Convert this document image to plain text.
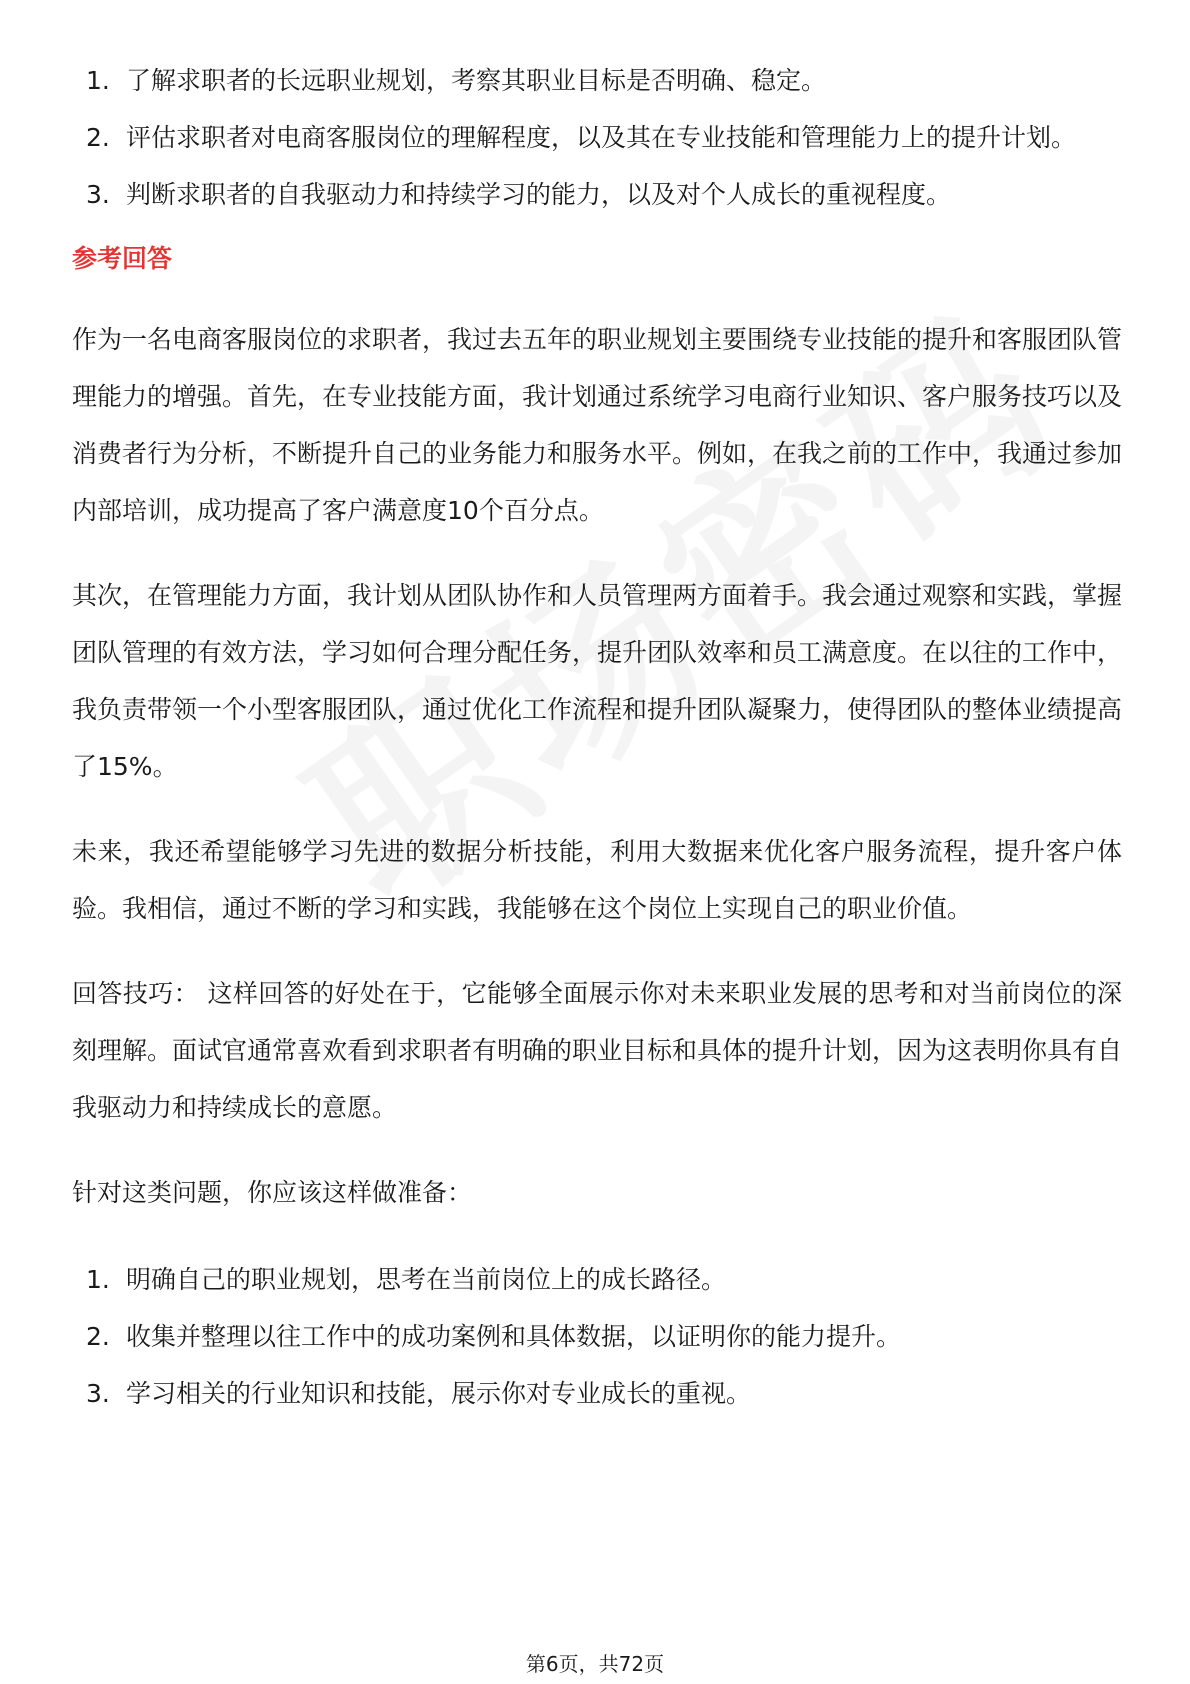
1. 了解求职者的长远职业规划，考察其职业目标是否明确、稳定。
2. 评估求职者对电商客服岗位的理解程度，以及其在专业技能和管理能力上的提升计划。
3. 判断求职者的自我驱动力和持续学习的能力，以及对个人成长的重视程度。
参考回答

作为一名电商客服岗位的求职者，我过去五年的职业规划主要围绕专业技能的提升和客服团队管理能力的增强。首先，在专业技能方面，我计划通过系统学习电商行业知识、客户服务技巧以及消费者行为分析，不断提升自己的业务能力和服务水平。例如，在我之前的工作中，我通过参加内部培训，成功提高了客户满意度10个百分点。

其次，在管理能力方面，我计划从团队协作和人员管理两方面着手。我会通过观察和实践，掌握团队管理的有效方法，学习如何合理分配任务，提升团队效率和员工满意度。在以往的工作中，我负责带领一个小型客服团队，通过优化工作流程和提升团队凝聚力，使得团队的整体业绩提高了15%。

未来，我还希望能够学习先进的数据分析技能，利用大数据来优化客户服务流程，提升客户体验。我相信，通过不断的学习和实践，我能够在这个岗位上实现自己的职业价值。

回答技巧： 这样回答的好处在于，它能够全面展示你对未来职业发展的思考和对当前岗位的深刻理解。面试官通常喜欢看到求职者有明确的职业目标和具体的提升计划，因为这表明你具有自我驱动力和持续成长的意愿。

针对这类问题，你应该这样做准备：

1. 明确自己的职业规划，思考在当前岗位上的成长路径。
2. 收集并整理以往工作中的成功案例和具体数据，以证明你的能力提升。
3. 学习相关的行业知识和技能，展示你对专业成长的重视。
第6页，共72页
